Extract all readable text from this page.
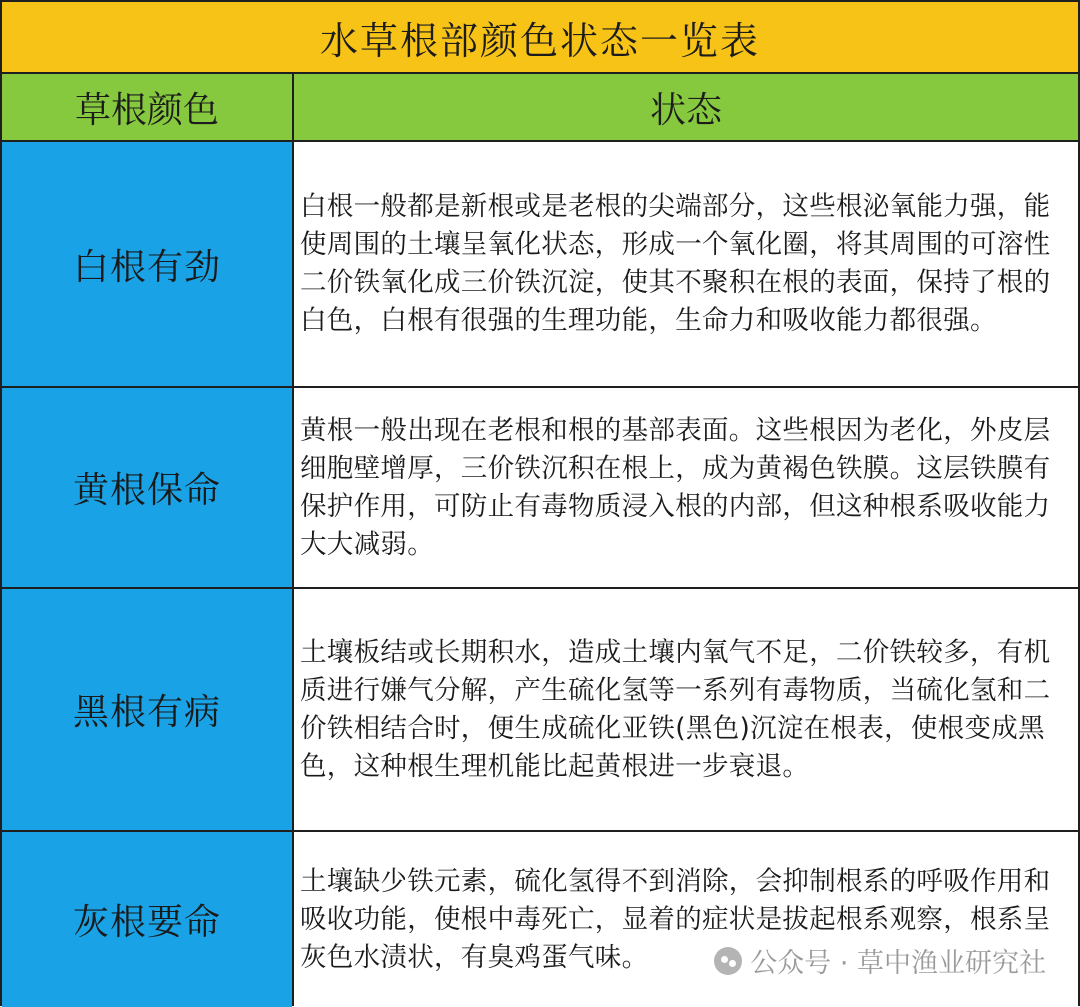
水草根部颜色状态一览表
草根颜色	状态
白根有劲
白根一般都是新根或是老根的尖端部分，这些根泌氧能力强，能使周围的土壤呈氧化状态，形成一个氧化圈，将其周围的可溶性二价铁氧化成三价铁沉淀，使其不聚积在根的表面，保持了根的白色，白根有很强的生理功能，生命力和吸收能力都很强。
黄根保命
黄根一般出现在老根和根的基部表面。这些根因为老化，外皮层细胞壁增厚，三价铁沉积在根上，成为黄褐色铁膜。这层铁膜有保护作用，可防止有毒物质浸入根的内部，但这种根系吸收能力大大减弱。
黑根有病
土壤板结或长期积水，造成土壤内氧气不足，二价铁较多，有机质进行嫌气分解，产生硫化氢等一系列有毒物质，当硫化氢和二价铁相结合时，便生成硫化亚铁(黑色)沉淀在根表，使根变成黑色，这种根生理机能比起黄根进一步衰退。
灰根要命
土壤缺少铁元素，硫化氢得不到消除，会抑制根系的呼吸作用和吸收功能，使根中毒死亡，显着的症状是拔起根系观察，根系呈灰色水渍状，有臭鸡蛋气味。	公众号 · 草中渔业研究社
